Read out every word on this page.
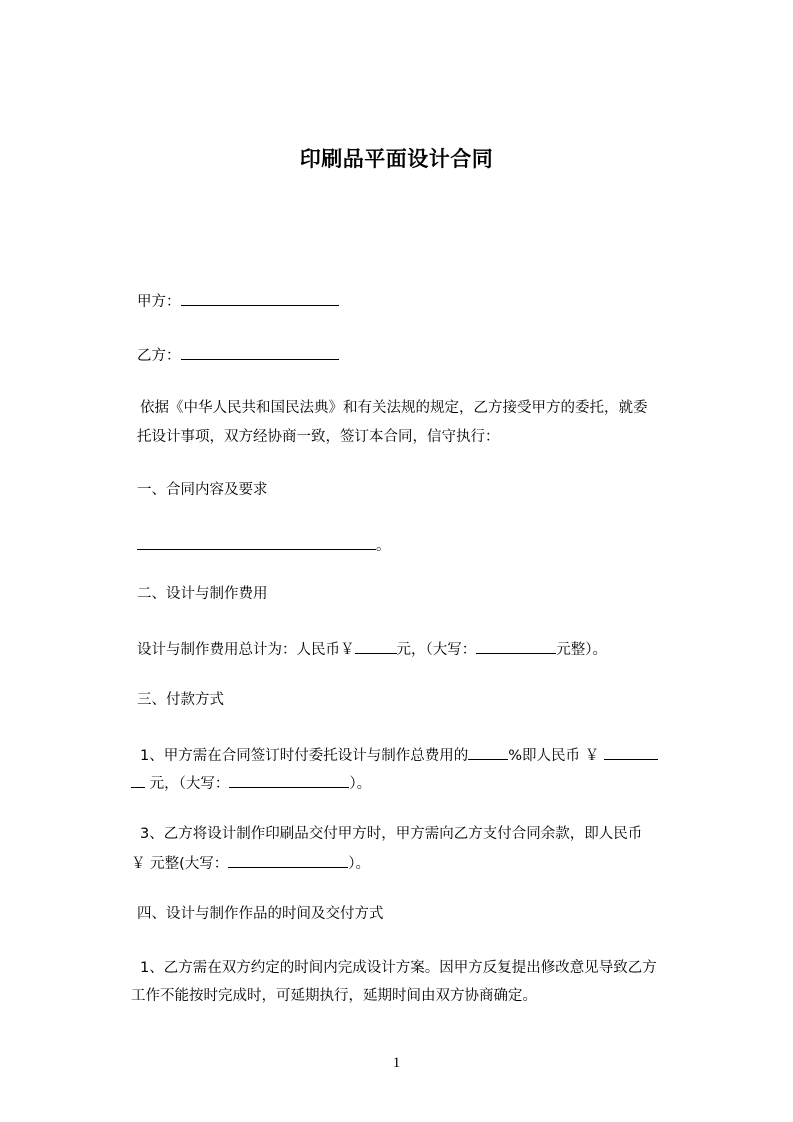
印刷品平面设计合同
甲方：
乙方：
依据《中华人民共和国民法典》和有关法规的规定，乙方接受甲方的委托，就委
托设计事项，双方经协商一致，签订本合同，信守执行：
一、合同内容及要求
。
二、设计与制作费用
设计与制作费用总计为：人民币￥	元，（大写：	元整）。
三、付款方式
1、甲方需在合同签订时付委托设计与制作总费用的	%即人民币 ￥
元，（大写：	）。
3、乙方将设计制作印刷品交付甲方时，甲方需向乙方支付合同余款，即人民币
￥ 元整(大写：	）。
四、设计与制作作品的时间及交付方式
1、乙方需在双方约定的时间内完成设计方案。因甲方反复提出修改意见导致乙方
工作不能按时完成时，可延期执行，延期时间由双方协商确定。
1
